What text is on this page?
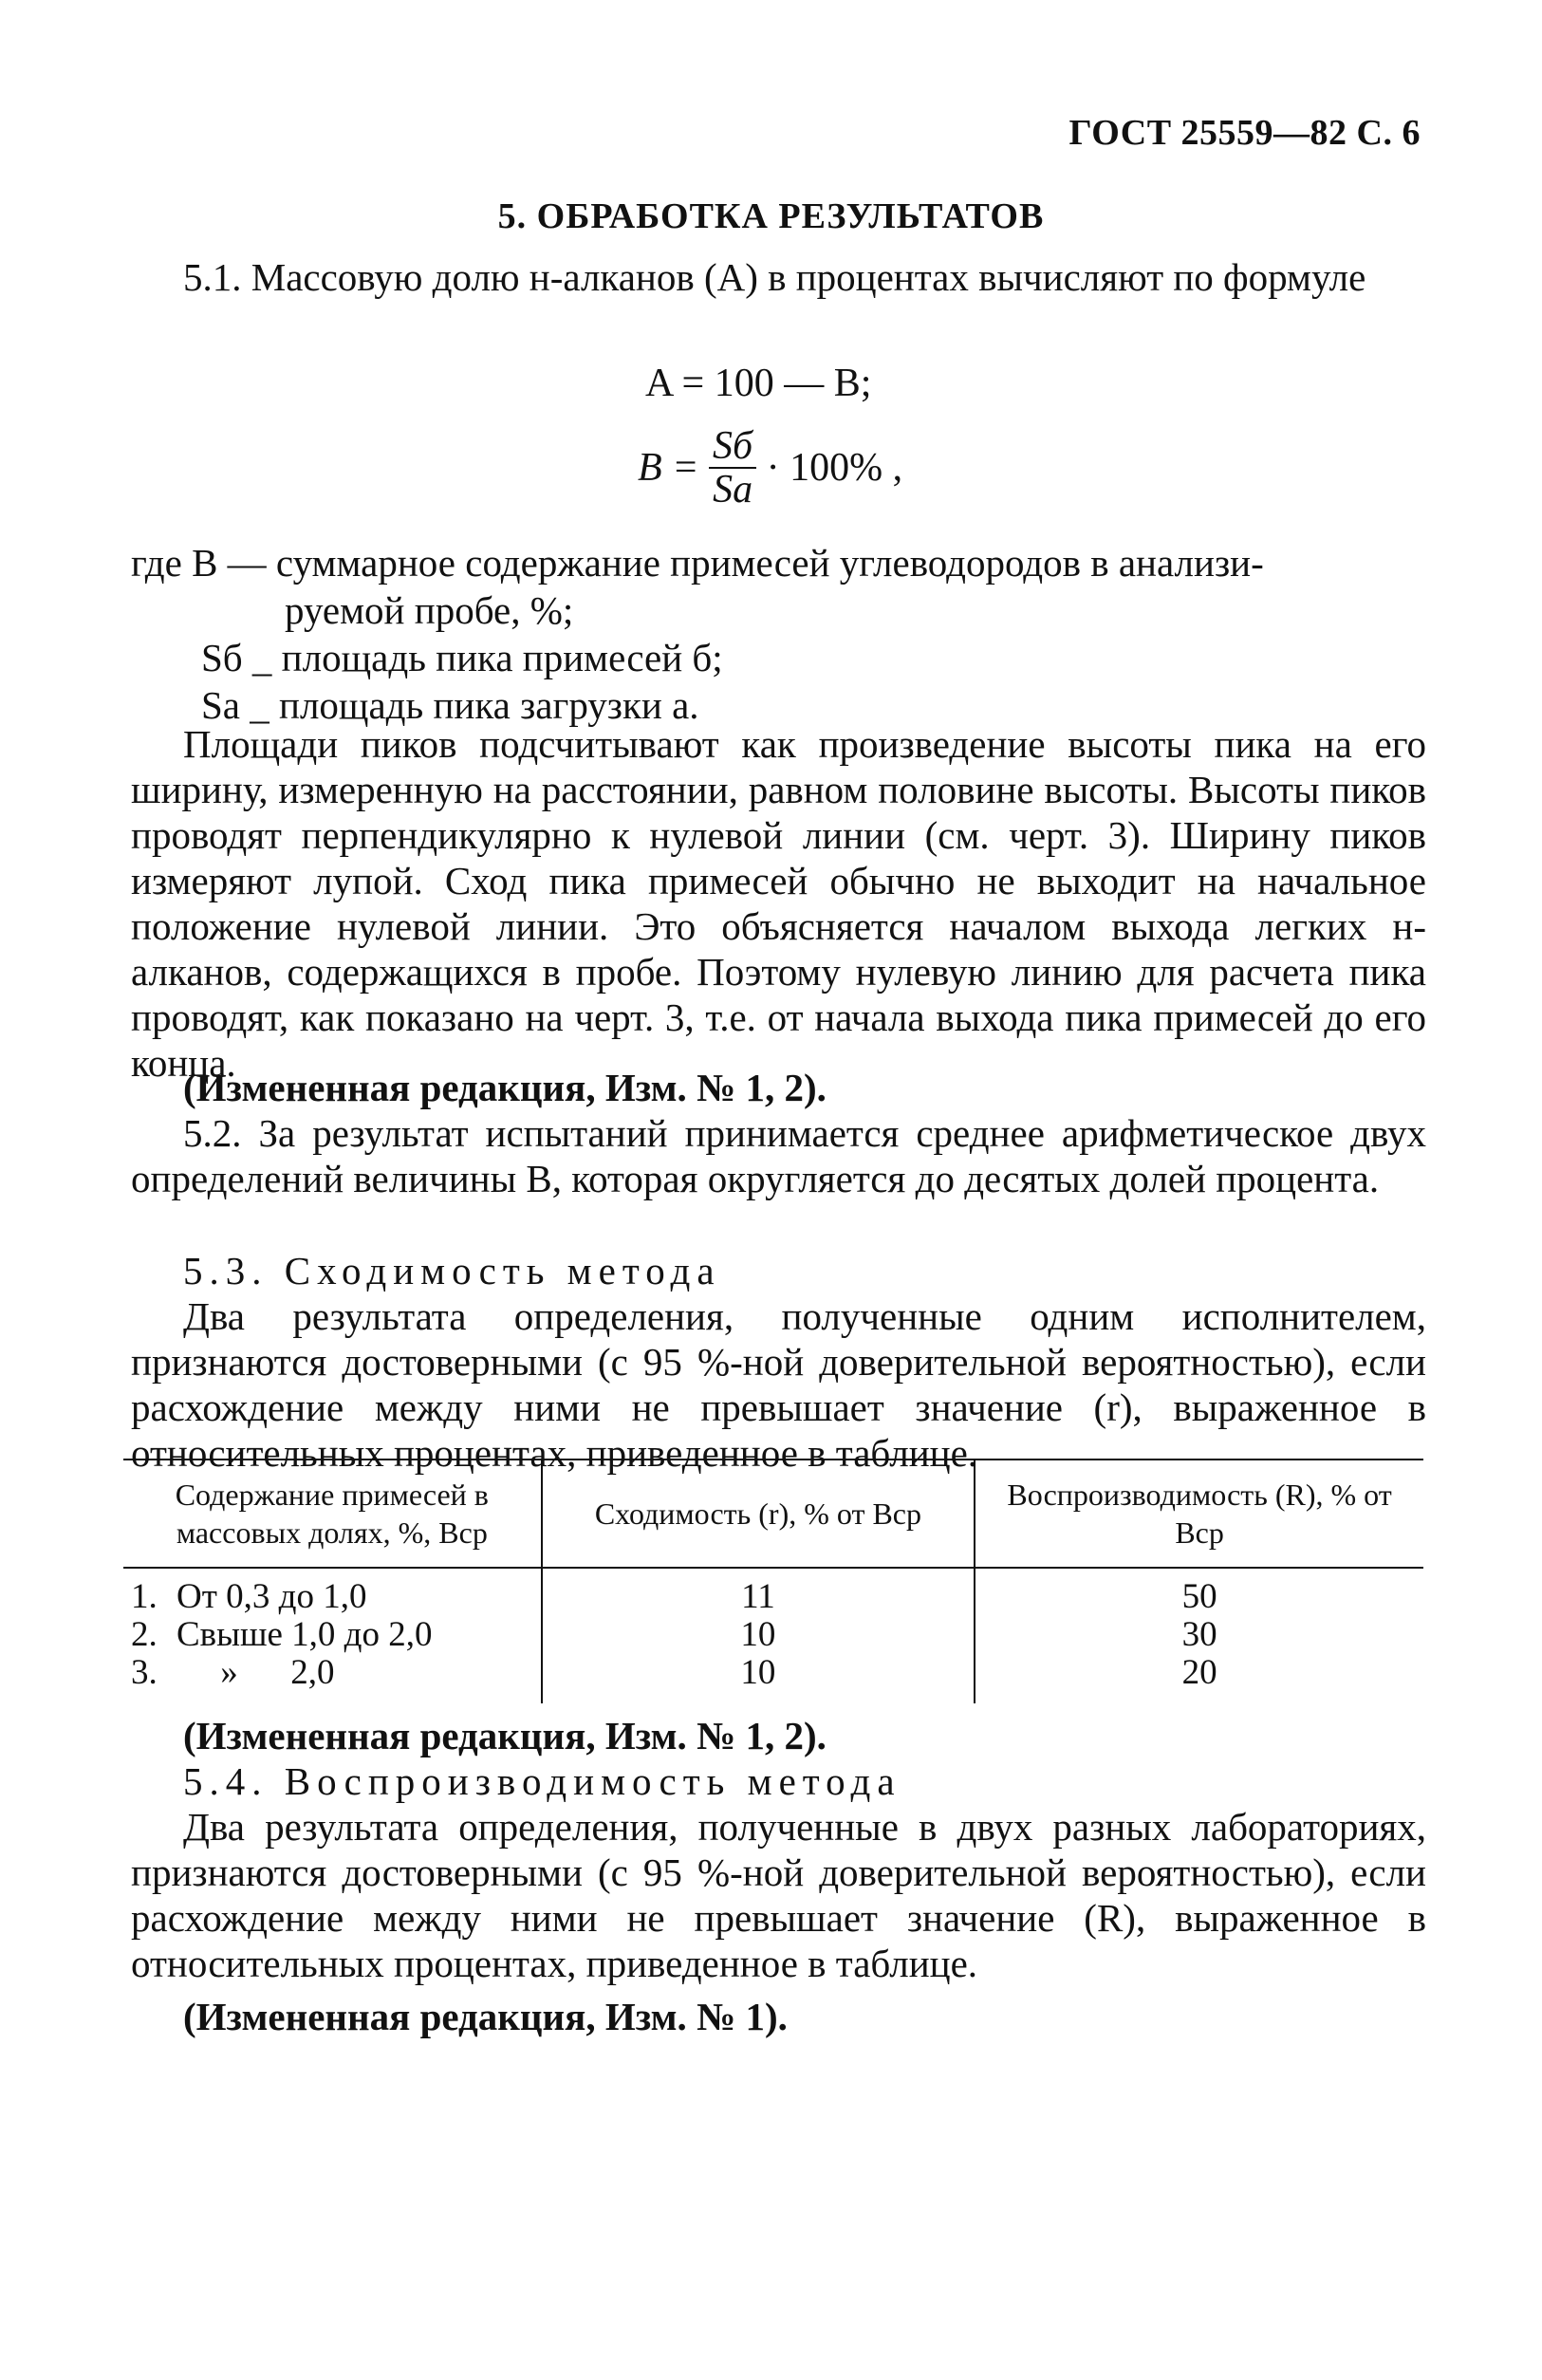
ГОСТ 25559—82 С. 6
5. ОБРАБОТКА РЕЗУЛЬТАТОВ
5.1. Массовую долю н-алканов (A) в процентах вычисляют по формуле
A = 100 — B;
$B = \frac{Sб}{Sa} \cdot 100\%$ ,
где B — суммарное содержание примесей углеводородов в анализи-
руемой пробе, %;
Sб _ площадь пика примесей б;
Sa _ площадь пика загрузки a.
Площади пиков подсчитывают как произведение высоты пика на его ширину, измеренную на расстоянии, равном половине высоты. Высоты пиков проводят перпендикулярно к нулевой линии (см. черт. 3). Ширину пиков измеряют лупой. Сход пика примесей обычно не выходит на начальное положение нулевой линии. Это объясняется началом выхода легких н-алканов, содержащихся в пробе. Поэтому нулевую линию для расчета пика проводят, как показано на черт. 3, т.е. от начала выхода пика примесей до его конца.
(Измененная редакция, Изм. № 1, 2).
5.2. За результат испытаний принимается среднее арифметическое двух определений величины B, которая округляется до десятых долей процента.
5.3. Сходимость метода
Два результата определения, полученные одним исполнителем, признаются достоверными (с 95 %-ной доверительной вероятностью), если расхождение между ними не превышает значение (r), выраженное в относительных процентах, приведенное в таблице.
Содержание примесей в массовых долях, %, Bср	Сходимость (r), % от Bср	Воспроизводимость (R), % от Bср
1. От 0,3 до 1,0	11	50
2. Свыше 1,0 до 2,0	10	30
3.     »      2,0	10	20
(Измененная редакция, Изм. № 1, 2).
5.4. Воспроизводимость метода
Два результата определения, полученные в двух разных лабораториях, признаются достоверными (с 95 %-ной доверительной вероятностью), если расхождение между ними не превышает значение (R), выраженное в относительных процентах, приведенное в таблице.
(Измененная редакция, Изм. № 1).
